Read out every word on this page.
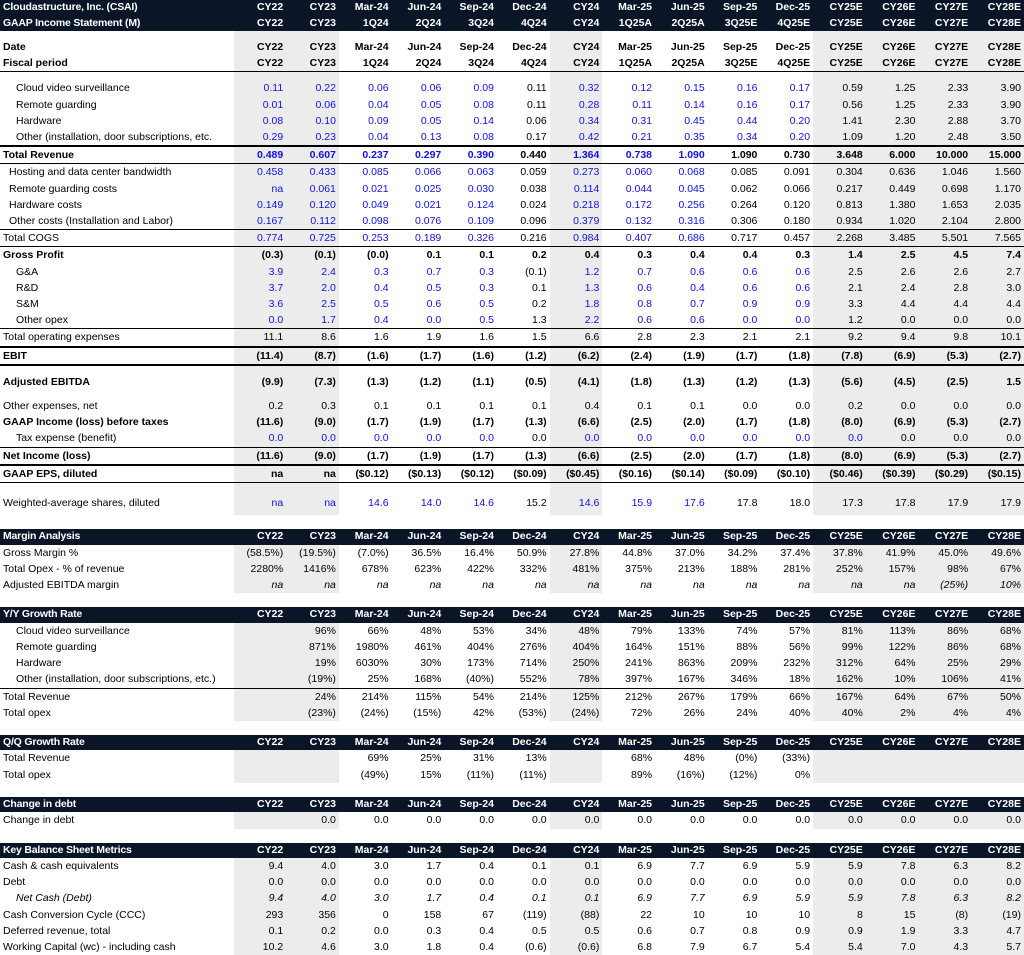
Cloudastructure, Inc. (CSAI)	CY22	CY23	Mar-24	Jun-24	Sep-24	Dec-24	CY24	Mar-25	Jun-25	Sep-25	Dec-25	CY25E	CY26E	CY27E	CY28E
GAAP Income Statement (M)	CY22	CY23	1Q24	2Q24	3Q24	4Q24	CY24	1Q25A	2Q25A	3Q25E	4Q25E	CY25E	CY26E	CY27E	CY28E

Date	CY22	CY23	Mar-24	Jun-24	Sep-24	Dec-24	CY24	Mar-25	Jun-25	Sep-25	Dec-25	CY25E	CY26E	CY27E	CY28E
Fiscal period	CY22	CY23	1Q24	2Q24	3Q24	4Q24	CY24	1Q25A	2Q25A	3Q25E	4Q25E	CY25E	CY26E	CY27E	CY28E

Cloud video surveillance	0.11	0.22	0.06	0.06	0.09	0.11	0.32	0.12	0.15	0.16	0.17	0.59	1.25	2.33	3.90
Remote guarding	0.01	0.06	0.04	0.05	0.08	0.11	0.28	0.11	0.14	0.16	0.17	0.56	1.25	2.33	3.90
Hardware	0.08	0.10	0.09	0.05	0.14	0.06	0.34	0.31	0.45	0.44	0.20	1.41	2.30	2.88	3.70
Other (installation, door subscriptions, etc.	0.29	0.23	0.04	0.13	0.08	0.17	0.42	0.21	0.35	0.34	0.20	1.09	1.20	2.48	3.50
Total Revenue	0.489	0.607	0.237	0.297	0.390	0.440	1.364	0.738	1.090	1.090	0.730	3.648	6.000	10.000	15.000
Hosting and data center bandwidth	0.458	0.433	0.085	0.066	0.063	0.059	0.273	0.060	0.068	0.085	0.091	0.304	0.636	1.046	1.560
Remote guarding costs	na	0.061	0.021	0.025	0.030	0.038	0.114	0.044	0.045	0.062	0.066	0.217	0.449	0.698	1.170
Hardware costs	0.149	0.120	0.049	0.021	0.124	0.024	0.218	0.172	0.256	0.264	0.120	0.813	1.380	1.653	2.035
Other costs (Installation and Labor)	0.167	0.112	0.098	0.076	0.109	0.096	0.379	0.132	0.316	0.306	0.180	0.934	1.020	2.104	2.800
Total COGS	0.774	0.725	0.253	0.189	0.326	0.216	0.984	0.407	0.686	0.717	0.457	2.268	3.485	5.501	7.565
Gross Profit	(0.3)	(0.1)	(0.0)	0.1	0.1	0.2	0.4	0.3	0.4	0.4	0.3	1.4	2.5	4.5	7.4
G&A	3.9	2.4	0.3	0.7	0.3	(0.1)	1.2	0.7	0.6	0.6	0.6	2.5	2.6	2.6	2.7
R&D	3.7	2.0	0.4	0.5	0.3	0.1	1.3	0.6	0.4	0.6	0.6	2.1	2.4	2.8	3.0
S&M	3.6	2.5	0.5	0.6	0.5	0.2	1.8	0.8	0.7	0.9	0.9	3.3	4.4	4.4	4.4
Other opex	0.0	1.7	0.4	0.0	0.5	1.3	2.2	0.6	0.6	0.0	0.0	1.2	0.0	0.0	0.0
Total operating expenses	11.1	8.6	1.6	1.9	1.6	1.5	6.6	2.8	2.3	2.1	2.1	9.2	9.4	9.8	10.1
EBIT	(11.4)	(8.7)	(1.6)	(1.7)	(1.6)	(1.2)	(6.2)	(2.4)	(1.9)	(1.7)	(1.8)	(7.8)	(6.9)	(5.3)	(2.7)

Adjusted EBITDA	(9.9)	(7.3)	(1.3)	(1.2)	(1.1)	(0.5)	(4.1)	(1.8)	(1.3)	(1.2)	(1.3)	(5.6)	(4.5)	(2.5)	1.5

Other expenses, net	0.2	0.3	0.1	0.1	0.1	0.1	0.4	0.1	0.1	0.0	0.0	0.2	0.0	0.0	0.0
GAAP Income (loss) before taxes	(11.6)	(9.0)	(1.7)	(1.9)	(1.7)	(1.3)	(6.6)	(2.5)	(2.0)	(1.7)	(1.8)	(8.0)	(6.9)	(5.3)	(2.7)
Tax expense (benefit)	0.0	0.0	0.0	0.0	0.0	0.0	0.0	0.0	0.0	0.0	0.0	0.0	0.0	0.0	0.0
Net Income (loss)	(11.6)	(9.0)	(1.7)	(1.9)	(1.7)	(1.3)	(6.6)	(2.5)	(2.0)	(1.7)	(1.8)	(8.0)	(6.9)	(5.3)	(2.7)
GAAP EPS, diluted	na	na	($0.12)	($0.13)	($0.12)	($0.09)	($0.45)	($0.16)	($0.14)	($0.09)	($0.10)	($0.46)	($0.39)	($0.29)	($0.15)

Weighted-average shares, diluted	na	na	14.6	14.0	14.6	15.2	14.6	15.9	17.6	17.8	18.0	17.3	17.8	17.9	17.9

Margin Analysis	CY22	CY23	Mar-24	Jun-24	Sep-24	Dec-24	CY24	Mar-25	Jun-25	Sep-25	Dec-25	CY25E	CY26E	CY27E	CY28E
Gross Margin %	(58.5%)	(19.5%)	(7.0%)	36.5%	16.4%	50.9%	27.8%	44.8%	37.0%	34.2%	37.4%	37.8%	41.9%	45.0%	49.6%
Total Opex - % of revenue	2280%	1416%	678%	623%	422%	332%	481%	375%	213%	188%	281%	252%	157%	98%	67%
Adjusted EBITDA margin	na	na	na	na	na	na	na	na	na	na	na	na	na	(25%)	10%

Y/Y Growth Rate	CY22	CY23	Mar-24	Jun-24	Sep-24	Dec-24	CY24	Mar-25	Jun-25	Sep-25	Dec-25	CY25E	CY26E	CY27E	CY28E
Cloud video surveillance		96%	66%	48%	53%	34%	48%	79%	133%	74%	57%	81%	113%	86%	68%
Remote guarding		871%	1980%	461%	404%	276%	404%	164%	151%	88%	56%	99%	122%	86%	68%
Hardware		19%	6030%	30%	173%	714%	250%	241%	863%	209%	232%	312%	64%	25%	29%
Other (installation, door subscriptions, etc.)		(19%)	25%	168%	(40%)	552%	78%	397%	167%	346%	18%	162%	10%	106%	41%
Total Revenue		24%	214%	115%	54%	214%	125%	212%	267%	179%	66%	167%	64%	67%	50%
Total opex		(23%)	(24%)	(15%)	42%	(53%)	(24%)	72%	26%	24%	40%	40%	2%	4%	4%

Q/Q Growth Rate	CY22	CY23	Mar-24	Jun-24	Sep-24	Dec-24	CY24	Mar-25	Jun-25	Sep-25	Dec-25	CY25E	CY26E	CY27E	CY28E
Total Revenue			69%	25%	31%	13%		68%	48%	(0%)	(33%)				
Total opex			(49%)	15%	(11%)	(11%)		89%	(16%)	(12%)	0%				

Change in debt	CY22	CY23	Mar-24	Jun-24	Sep-24	Dec-24	CY24	Mar-25	Jun-25	Sep-25	Dec-25	CY25E	CY26E	CY27E	CY28E
Change in debt		0.0	0.0	0.0	0.0	0.0	0.0	0.0	0.0	0.0	0.0	0.0	0.0	0.0	0.0

Key Balance Sheet Metrics	CY22	CY23	Mar-24	Jun-24	Sep-24	Dec-24	CY24	Mar-25	Jun-25	Sep-25	Dec-25	CY25E	CY26E	CY27E	CY28E
Cash & cash equivalents	9.4	4.0	3.0	1.7	0.4	0.1	0.1	6.9	7.7	6.9	5.9	5.9	7.8	6.3	8.2
Debt	0.0	0.0	0.0	0.0	0.0	0.0	0.0	0.0	0.0	0.0	0.0	0.0	0.0	0.0	0.0
Net Cash (Debt)	9.4	4.0	3.0	1.7	0.4	0.1	0.1	6.9	7.7	6.9	5.9	5.9	7.8	6.3	8.2
Cash Conversion Cycle (CCC)	293	356	0	158	67	(119)	(88)	22	10	10	10	8	15	(8)	(19)
Deferred revenue, total	0.1	0.2	0.0	0.3	0.4	0.5	0.5	0.6	0.7	0.8	0.9	0.9	1.9	3.3	4.7
Working Capital (wc) - including cash	10.2	4.6	3.0	1.8	0.4	(0.6)	(0.6)	6.8	7.9	6.7	5.4	5.4	7.0	4.3	5.7
